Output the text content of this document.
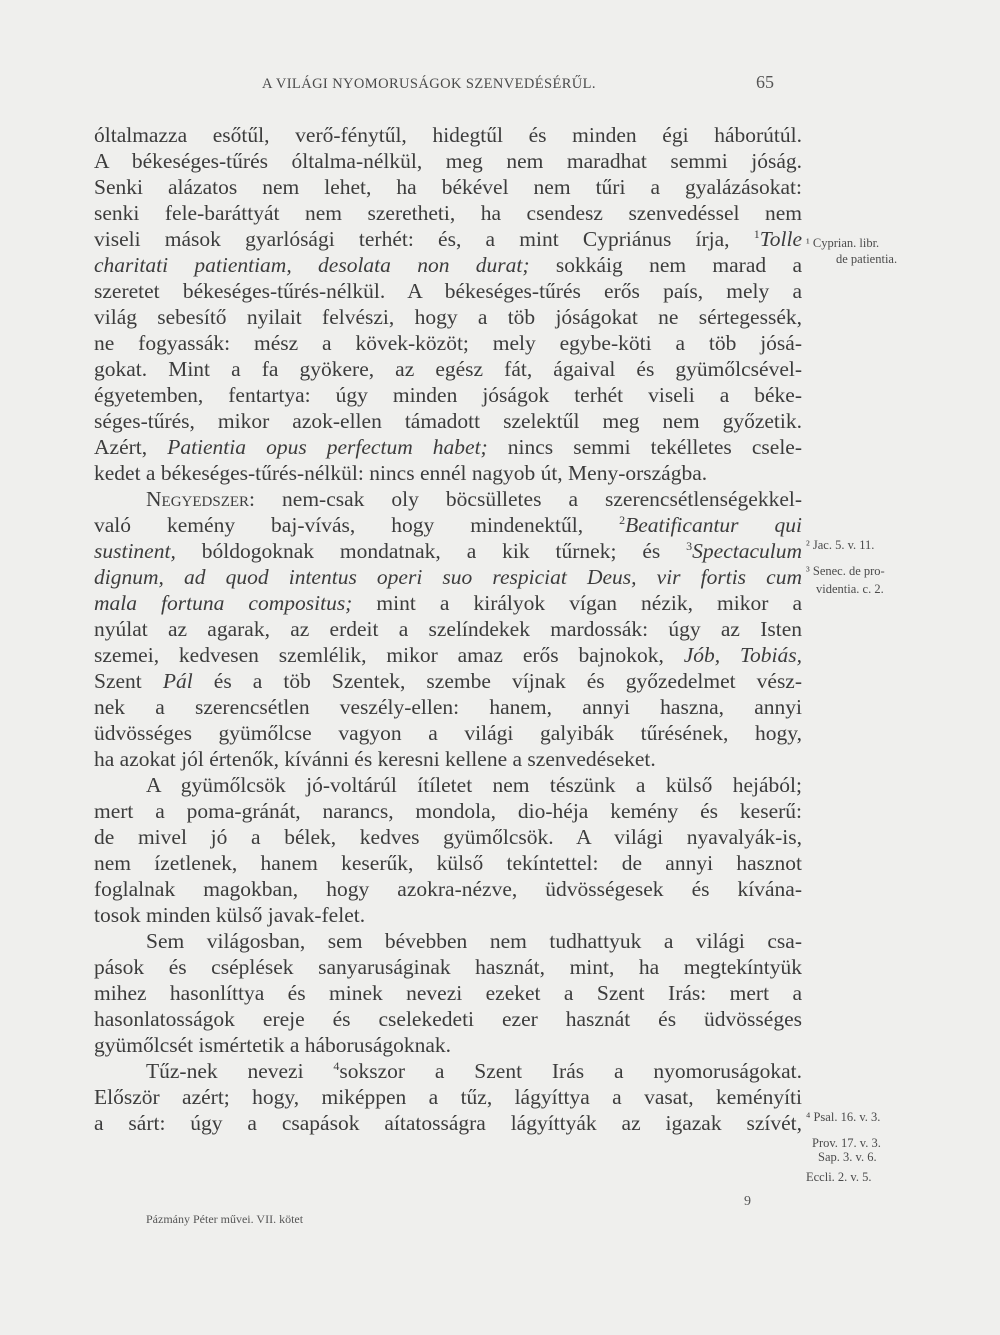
A VILÁGI NYOMORUSÁGOK SZENVEDÉSÉRŰL.	65
óltalmazza esőtűl, verő-fénytűl, hidegtűl és minden égi háborútúl.
A békeséges-tűrés óltalma-nélkül, meg nem maradhat semmi jóság.
Senki alázatos nem lehet, ha békével nem tűri a gyalázásokat:
senki fele-baráttyát nem szeretheti, ha csendesz szenvedéssel nem
viseli mások gyarlósági terhét: és, a mint Cypriánus írja, $^1$Tolle
charitati patientiam, desolata non durat; sokkáig nem marad a
szeretet békeséges-tűrés-nélkül. A békeséges-tűrés erős país, mely a
világ sebesítő nyilait felvészi, hogy a töb jóságokat ne sértegessék,
ne fogyassák: mész a kövek-közöt; mely egybe-köti a töb jósá-
gokat. Mint a fa gyökere, az egész fát, ágaival és gyümőlcsével-
égyetemben, fentartya: úgy minden jóságok terhét viseli a béke-
séges-tűrés, mikor azok-ellen támadott szelektűl meg nem győzetik.
Azért, Patientia opus perfectum habet; nincs semmi tekélletes csele-
kedet a békeséges-tűrés-nélkül: nincs ennél nagyob út, Meny-országba.
Negyedszer: nem-csak oly böcsülletes a szerencsétlenségekkel-
való kemény baj-vívás, hogy mindenektűl,	$^2$Beatificantur qui
sustinent, bóldogoknak mondatnak, a kik tűrnek; és $^3$Spectaculum
dignum, ad quod intentus operi suo respiciat Deus, vir fortis cum
mala fortuna compositus; mint a királyok vígan nézik, mikor a
nyúlat az agarak, az erdeit a szelíndekek mardossák: úgy az Isten
szemei, kedvesen szemlélik, mikor amaz erős bajnokok, Jób, Tobiás,
Szent Pál és a töb Szentek, szembe víjnak és győzedelmet vész-
nek a szerencsétlen veszély-ellen: hanem, annyi haszna, annyi
üdvösséges gyümőlcse vagyon a világi galyibák tűrésének, hogy,
ha azokat jól értenők, kívánni és keresni kellene a szenvedéseket.
A gyümőlcsök jó-voltárúl ítíletet nem tészünk a külső hejából;
mert a poma-gránát, narancs, mondola, dio-héja kemény és keserű:
de mivel jó a bélek, kedves gyümőlcsök. A világi nyavalyák-is,
nem ízetlenek, hanem keserűk, külső tekíntettel: de annyi hasznot
foglalnak magokban, hogy azokra-nézve, üdvösségesek és kívána-
tosok minden külső javak-felet.
Sem világosban, sem bévebben nem tudhattyuk a világi csa-
pások és cséplések sanyaruságinak hasznát, mint, ha megtekíntyük
mihez hasonlíttya és minek nevezi ezeket a Szent Irás: mert a
hasonlatosságok ereje és cselekedeti ezer hasznát és üdvösséges
gyümőlcsét ismértetik a háboruságoknak.
Tűz-nek nevezi $^4$sokszor a Szent Irás a nyomoruságokat.
Először azért; hogy, miképpen a tűz, lágyíttya a vasat, keményíti
a sárt: úgy a csapások aítatosságra lágyíttyák az igazak szívét,
¹ Cyprian. libr.
de patientia.
² Jac. 5. v. 11.
³ Senec. de pro-
videntia. c. 2.
⁴ Psal. 16. v. 3.
Prov. 17. v. 3.
Sap. 3. v. 6.
Eccli. 2. v. 5.
Pázmány Péter művei. VII. kötet
9
